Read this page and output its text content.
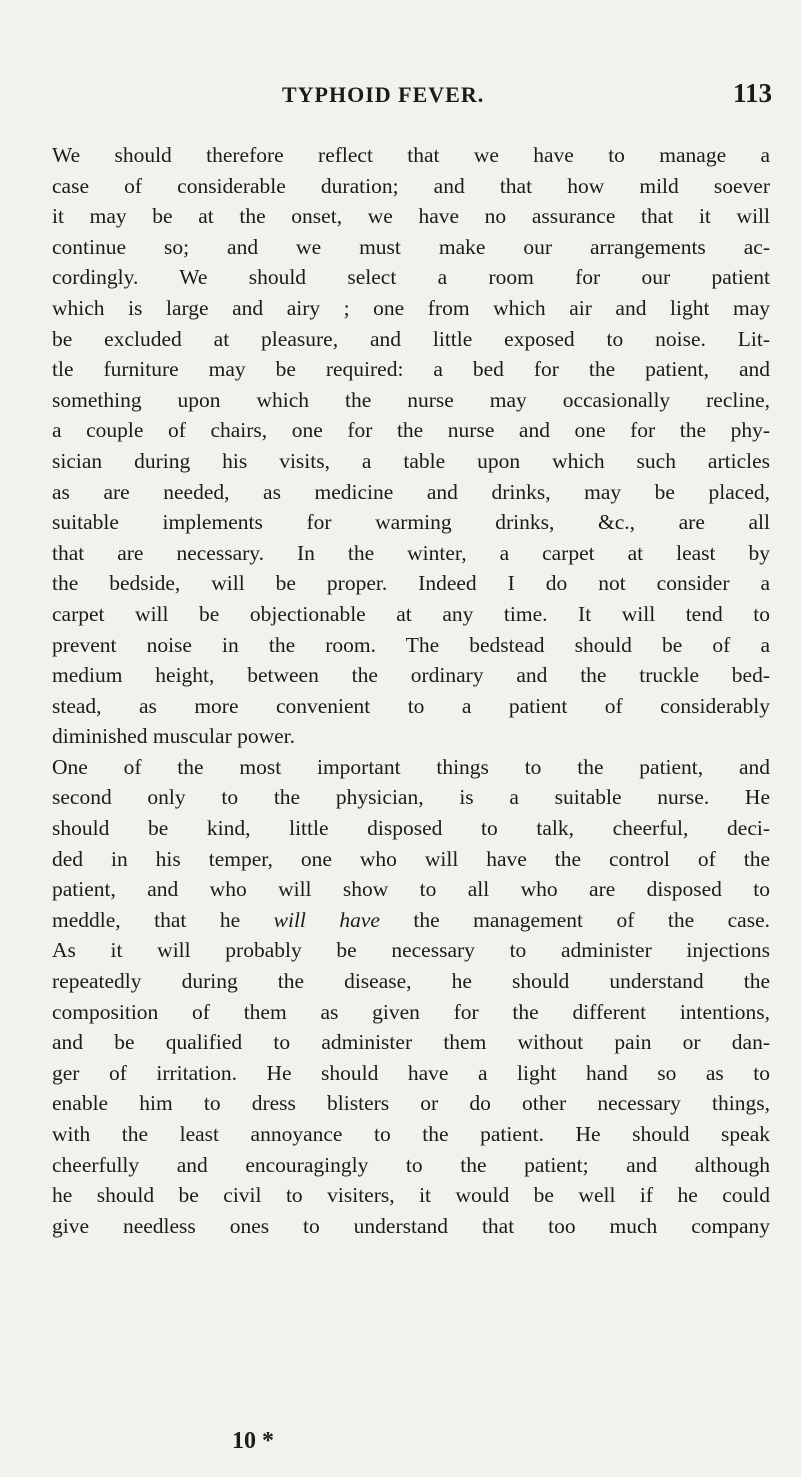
TYPHOID FEVER.	113
We should therefore reflect that we have to manage a
case of considerable duration; and that how mild soever
it may be at the onset, we have no assurance that it will
continue so; and we must make our arrangements ac-
cordingly. We should select a room for our patient
which is large and airy ; one from which air and light may
be excluded at pleasure, and little exposed to noise. Lit-
tle furniture may be required: a bed for the patient, and
something upon which the nurse may occasionally recline,
a couple of chairs, one for the nurse and one for the phy-
sician during his visits, a table upon which such articles
as are needed, as medicine and drinks, may be placed,
suitable implements for warming drinks, &c., are all
that are necessary. In the winter, a carpet at least by
the bedside, will be proper. Indeed I do not consider a
carpet will be objectionable at any time. It will tend to
prevent noise in the room. The bedstead should be of a
medium height, between the ordinary and the truckle bed-
stead, as more convenient to a patient of considerably
diminished muscular power.
One of the most important things to the patient, and
second only to the physician, is a suitable nurse. He
should be kind, little disposed to talk, cheerful, deci-
ded in his temper, one who will have the control of the
patient, and who will show to all who are disposed to
meddle, that he will have the management of the case.
As it will probably be necessary to administer injections
repeatedly during the disease, he should understand the
composition of them as given for the different intentions,
and be qualified to administer them without pain or dan-
ger of irritation. He should have a light hand so as to
enable him to dress blisters or do other necessary things,
with the least annoyance to the patient. He should speak
cheerfully and encouragingly to the patient; and although
he should be civil to visiters, it would be well if he could
give needless ones to understand that too much company
10 *
